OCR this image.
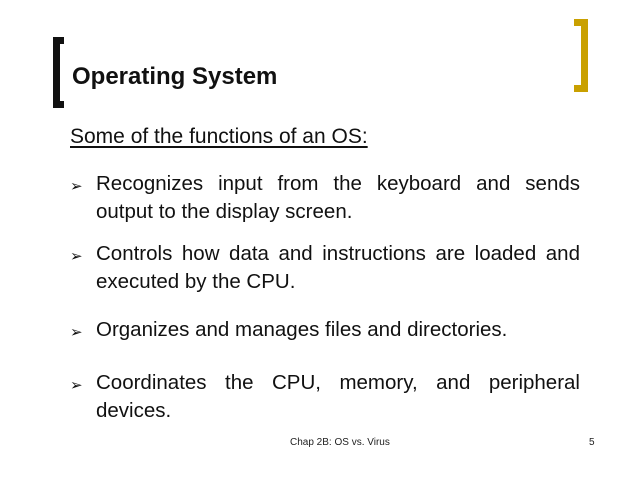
Operating System
Some of the functions of an OS:
➢ Recognizes input from the keyboard and sends output to the display screen.
➢ Controls how data and instructions are loaded and executed by the CPU.
➢ Organizes and manages files and directories.
➢ Coordinates the CPU, memory, and peripheral devices.
Chap 2B: OS vs. Virus	5
